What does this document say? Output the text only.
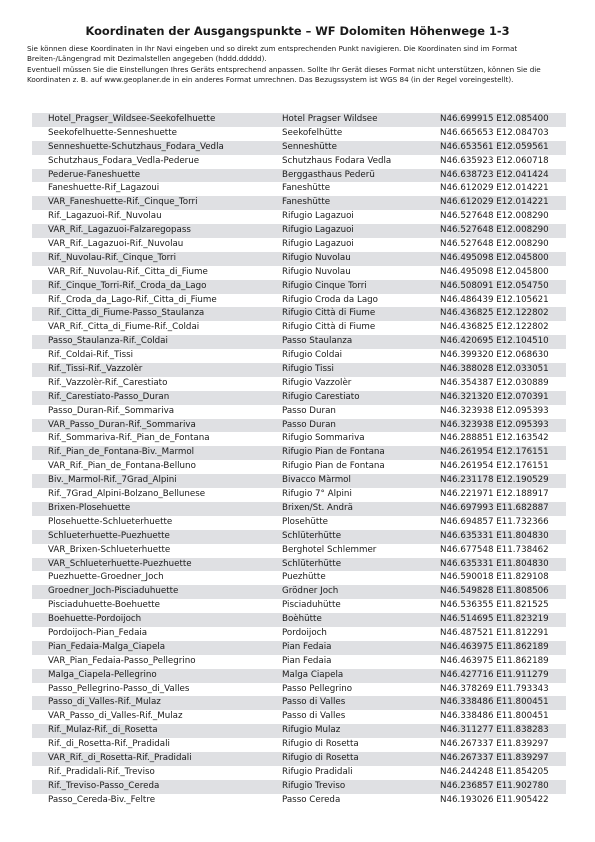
Koordinaten der Ausgangspunkte – WF Dolomiten Höhenwege 1-3

Sie können diese Koordinaten in Ihr Navi eingeben und so direkt zum entsprechenden Punkt navigieren. Die Koordinaten sind im Format Breiten-/Längengrad mit Dezimalstellen angegeben (hddd.ddddd).

Eventuell müssen Sie die Einstellungen Ihres Geräts entsprechend anpassen. Sollte Ihr Gerät dieses Format nicht unterstützen, können Sie die Koordinaten z. B. auf www.geoplaner.de in ein anderes Format umrechnen. Das Bezugssystem ist WGS 84 (in der Regel voreingestellt).

Hotel_Pragser_Wildsee-Seekofelhuette	Hotel Pragser Wildsee	N46.699915 E12.085400
Seekofelhuette-Senneshuette	Seekofelhütte	N46.665653 E12.084703
Senneshuette-Schutzhaus_Fodara_Vedla	Senneshütte	N46.653561 E12.059561
Schutzhaus_Fodara_Vedla-Pederue	Schutzhaus Fodara Vedla	N46.635923 E12.060718
Pederue-Faneshuette	Berggasthaus Pederü	N46.638723 E12.041424
Faneshuette-Rif_Lagazoui	Faneshütte	N46.612029 E12.014221
VAR_Faneshuette-Rif._Cinque_Torri	Faneshütte	N46.612029 E12.014221
Rif._Lagazuoi-Rif._Nuvolau	Rifugio Lagazuoi	N46.527648 E12.008290
VAR_Rif._Lagazuoi-Falzaregopass	Rifugio Lagazuoi	N46.527648 E12.008290
VAR_Rif._Lagazuoi-Rif._Nuvolau	Rifugio Lagazuoi	N46.527648 E12.008290
Rif._Nuvolau-Rif._Cinque_Torri	Rifugio Nuvolau	N46.495098 E12.045800
VAR_Rif._Nuvolau-Rif._Citta_di_Fiume	Rifugio Nuvolau	N46.495098 E12.045800
Rif._Cinque_Torri-Rif._Croda_da_Lago	Rifugio Cinque Torri	N46.508091 E12.054750
Rif._Croda_da_Lago-Rif._Citta_di_Fiume	Rifugio Croda da Lago	N46.486439 E12.105621
Rif._Citta_di_Fiume-Passo_Staulanza	Rifugio Città di Fiume	N46.436825 E12.122802
VAR_Rif._Citta_di_Fiume-Rif._Coldai	Rifugio Città di Fiume	N46.436825 E12.122802
Passo_Staulanza-Rif._Coldai	Passo Staulanza	N46.420695 E12.104510
Rif._Coldai-Rif._Tissi	Rifugio Coldai	N46.399320 E12.068630
Rif._Tissi-Rif._Vazzolèr	Rifugio Tissi	N46.388028 E12.033051
Rif._Vazzolèr-Rif._Carestiato	Rifugio Vazzolèr	N46.354387 E12.030889
Rif._Carestiato-Passo_Duran	Rifugio Carestiato	N46.321320 E12.070391
Passo_Duran-Rif._Sommariva	Passo Duran	N46.323938 E12.095393
VAR_Passo_Duran-Rif._Sommariva	Passo Duran	N46.323938 E12.095393
Rif._Sommariva-Rif._Pian_de_Fontana	Rifugio Sommariva	N46.288851 E12.163542
Rif._Pian_de_Fontana-Biv._Marmol	Rifugio Pian de Fontana	N46.261954 E12.176151
VAR_Rif._Pian_de_Fontana-Belluno	Rifugio Pian de Fontana	N46.261954 E12.176151
Biv._Marmol-Rif._7Grad_Alpini	Bivacco Màrmol	N46.231178 E12.190529
Rif._7Grad_Alpini-Bolzano_Bellunese	Rifugio 7° Alpini	N46.221971 E12.188917
Brixen-Plosehuette	Brixen/St. Andrä	N46.697993 E11.682887
Plosehuette-Schlueterhuette	Plosehütte	N46.694857 E11.732366
Schlueterhuette-Puezhuette	Schlüterhütte	N46.635331 E11.804830
VAR_Brixen-Schlueterhuette	Berghotel Schlemmer	N46.677548 E11.738462
VAR_Schlueterhuette-Puezhuette	Schlüterhütte	N46.635331 E11.804830
Puezhuette-Groedner_Joch	Puezhütte	N46.590018 E11.829108
Groedner_Joch-Pisciaduhuette	Grödner Joch	N46.549828 E11.808506
Pisciaduhuette-Boehuette	Pisciaduhütte	N46.536355 E11.821525
Boehuette-Pordoijoch	Boèhütte	N46.514695 E11.823219
Pordoijoch-Pian_Fedaia	Pordoijoch	N46.487521 E11.812291
Pian_Fedaia-Malga_Ciapela	Pian Fedaia	N46.463975 E11.862189
VAR_Pian_Fedaia-Passo_Pellegrino	Pian Fedaia	N46.463975 E11.862189
Malga_Ciapela-Pellegrino	Malga Ciapela	N46.427716 E11.911279
Passo_Pellegrino-Passo_di_Valles	Passo Pellegrino	N46.378269 E11.793343
Passo_di_Valles-Rif._Mulaz	Passo di Valles	N46.338486 E11.800451
VAR_Passo_di_Valles-Rif._Mulaz	Passo di Valles	N46.338486 E11.800451
Rif._Mulaz-Rif._di_Rosetta	Rifugio Mulaz	N46.311277 E11.838283
Rif._di_Rosetta-Rif._Pradidali	Rifugio di Rosetta	N46.267337 E11.839297
VAR_Rif._di_Rosetta-Rif._Pradidali	Rifugio di Rosetta	N46.267337 E11.839297
Rif._Pradidali-Rif._Treviso	Rifugio Pradidali	N46.244248 E11.854205
Rif._Treviso-Passo_Cereda	Rifugio Treviso	N46.236857 E11.902780
Passo_Cereda-Biv._Feltre	Passo Cereda	N46.193026 E11.905422
